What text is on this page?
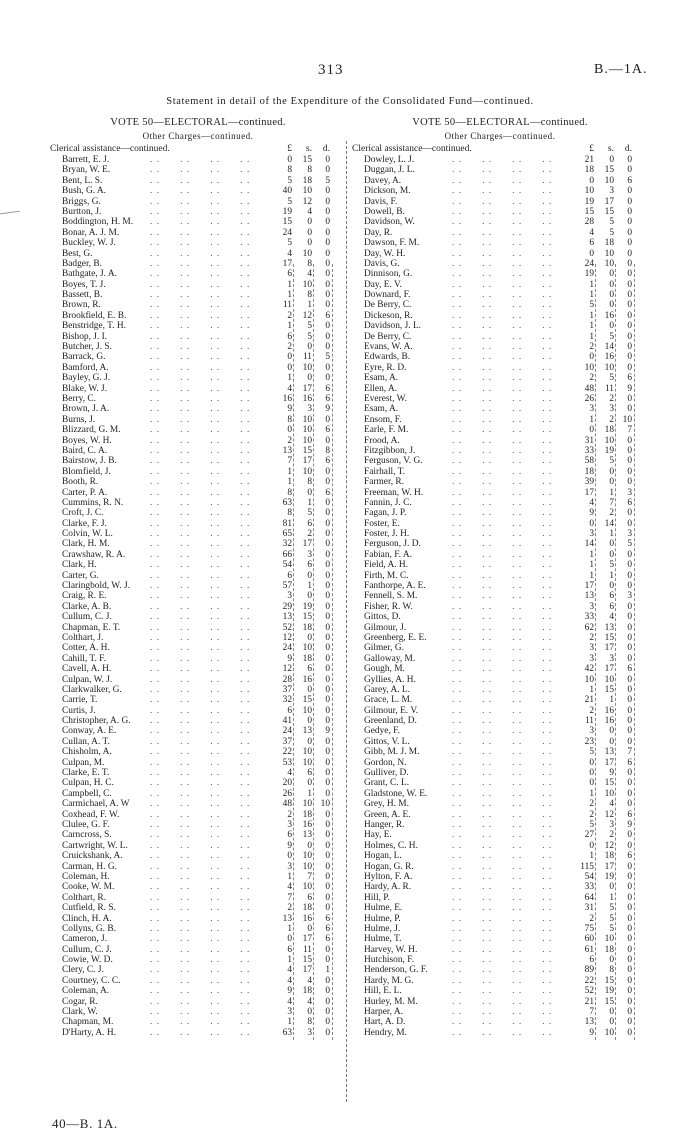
313	B.—1A.
Statement in detail of the Expenditure of the Consolidated Fund—continued.
VOTE 50—ELECTORAL—continued.
Other Charges—continued.
Clerical assistance—continued.	£	s.	d.
Barrett, E. J.	. .      . .      . .      . .	0	15	0
Bryan, W. E.	. .      . .      . .      . .	8	8	0
Bent, L. S.	. .      . .      . .      . .	5	18	5
Bush, G. A.	. .      . .      . .      . .	40	10	0
Briggs, G.	. .      . .      . .      . .	5	12	0
Burtton, J.	. .      . .      . .      . .	19	4	0
Boddington, H. M. . .      . .      . .      . .	15	0	0
Bonar, A. J. M.	. .      . .      . .      . .	24	0	0
Buckley, W. J.	. .      . .      . .      . .	5	0	0
Best, G.	. .      . .      . .      . .	4	10	0
Badger, B.	. .      . .      . .      . .	17	8	0
Bathgate, J. A.	. .      . .      . .      . .	6	4	0
Boyes, T. J.	. .      . .      . .      . .	1	10	0
Bassett, B.	. .      . .      . .      . .	1	8	0
Brown, R.	. .      . .      . .      . .	11	1	0
Brookfield, E. B.	. .      . .      . .      . .	2	12	6
Benstridge, T. H.	. .      . .      . .      . .	1	5	0
Bishop, J. I.	. .      . .      . .      . .	6	5	0
Butcher, J. S.	. .      . .      . .      . .	2	0	0
Barrack, G.	. .      . .      . .      . .	0	11	5
Bamford, A.	. .      . .      . .      . .	0	10	0
Bayley, G. J.	. .      . .      . .      . .	1	0	0
Blake, W. J.	. .      . .      . .      . .	4	17	6
Berry, C.	. .      . .      . .      . .	16	16	6
Brown, J. A.	. .      . .      . .      . .	9	3	9
Burns, J.	. .      . .      . .      . .	8	10	0
Blizzard, G. M.	. .      . .      . .      . .	0	10	6
Boyes, W. H.	. .      . .      . .      . .	2	10	0
Baird, C. A.	. .      . .      . .      . .	13	15	8
Bairstow, J. B.	. .      . .      . .      . .	7	17	6
Blomfield, J.	. .      . .      . .      . .	1	10	0
Booth, R.	. .      . .      . .      . .	1	8	0
Carter, P. A.	. .      . .      . .      . .	8	0	6
Cummins, R. N.	. .      . .      . .      . .	63	1	0
Croft, J. C.	. .      . .      . .      . .	8	5	0
Clarke, F. J.	. .      . .      . .      . .	81	6	0
Colvin, W. L.	. .      . .      . .      . .	65	2	0
Clark, H. M.	. .      . .      . .      . .	32	17	0
Crawshaw, R. A.	. .      . .      . .      . .	66	3	0
Clark, H.	. .      . .      . .      . .	54	6	0
Carter, G.	. .      . .      . .      . .	6	0	0
Claringbold, W. J. . .      . .      . .      . .	57	1	0
Craig, R. E.	. .      . .      . .      . .	3	0	0
Clarke, A. B.	. .      . .      . .      . .	29	19	0
Cullum, C. J.	. .      . .      . .      . .	13	15	0
Chapman, E. T.	. .      . .      . .      . .	52	18	0
Colthart, J.	. .      . .      . .      . .	12	0	0
Cotter, A. H.	. .      . .      . .      . .	24	10	0
Cahill, T. F.	. .      . .      . .      . .	9	18	0
Cavell, A. H.	. .      . .      . .      . .	12	6	0
Culpan, W. J.	. .      . .      . .      . .	28	16	0
Clarkwalker, G.	. .      . .      . .      . .	37	0	0
Carrie, T.	. .      . .      . .      . .	32	15	0
Curtis, J.	. .      . .      . .      . .	6	10	0
Christopher, A. G. . .      . .      . .      . .	41	0	0
Conway, A. E.	. .      . .      . .      . .	24	13	9
Cullan, A. T.	. .      . .      . .      . .	37	0	0
Chisholm, A.	. .      . .      . .      . .	22	10	0
Culpan, M.	. .      . .      . .      . .	53	10	0
Clarke, E. T.	. .      . .      . .      . .	4	6	0
Culpan, H. C.	. .      . .      . .      . .	20	0	0
Campbell, C.	. .      . .      . .      . .	26	1	0
Carmichael, A. W . .      . .      . .      . .	48	10 10
Coxhead, F. W.	. .      . .      . .      . .	2	18	0
Clulee, G. F.	. .      . .      . .      . .	3	16	0
Carncross, S.	. .      . .      . .      . .	6	13	0
Cartwright, W. L. . .      . .      . .      . .	9	0	0
Cruickshank, A.	. .      . .      . .      . .	0	10	0
Carman, H. G.	. .      . .      . .      . .	3	10	0
Coleman, H.	. .      . .      . .      . .	1	7	0
Cooke, W. M.	. .      . .      . .      . .	4	10	0
Colthart, R.	. .      . .      . .      . .	7	6	0
Cutfield, R. S.	. .      . .      . .      . .	2	18	0
Clinch, H. A.	. .      . .      . .      . .	13	16	6
Collyns, G. B.	. .      . .      . .      . .	1	0	6
Cameron, J.	. .      . .      . .      . .	0	17	6
Cullum, C. J.	. .      . .      . .      . .	6	11	0
Cowie, W. D.	. .      . .      . .      . .	1	15	0
Clery, C. J.	. .      . .      . .      . .	4	17	1
Courtney, C. C.	. .      . .      . .      . .	4	4	0
Coleman, A.	. .      . .      . .      . .	9	18	0
Cogar, R.	. .      . .      . .      . .	4	4	0
Clark, W.	. .      . .      . .      . .	3	0	0
Chapman, M.	. .      . .      . .      . .	1	8	0
D'Harty, A. H.	. .      . .      . .      . .	63	3	0
VOTE 50—ELECTORAL—continued.
Other Charges—continued.
Clerical assistance—continued.	£	s.	d.
Dowley, L. J.	. .      . .      . .      . .	21	0	0
Duggan, J. L.	. .      . .      . .      . .	18	15	0
Davey, A.	. .      . .      . .      . .	0	10	6
Dickson, M.	. .      . .      . .      . .	10	3	0
Davis, F.	. .      . .      . .      . .	19	17	0
Dowell, B.	. .      . .      . .      . .	15	15	0
Davidson, W.	. .      . .      . .      . .	28	5	0
Day, R.	. .      . .      . .      . .	4	5	0
Dawson, F. M.	. .      . .      . .      . .	6	18	0
Day, W. H.	. .      . .      . .      . .	0	10	0
Davis, G.	. .      . .      . .      . .	24	10	0
Dinnison, G.	. .      . .      . .      . .	19	0	0
Day, E. V.	. .      . .      . .      . .	1	0	0
Downard, F.	. .      . .      . .      . .	1	0	0
De Berry, C.	. .      . .      . .      . .	5	0	0
Dickeson, R.	. .      . .      . .      . .	1	16	0
Davidson, J. L.	. .      . .      . .      . .	1	0	0
De Berry, C.	. .      . .      . .      . .	1	5	0
Evans, W. A.	. .      . .      . .      . .	2	14	0
Edwards, B.	. .      . .      . .      . .	0	16	0
Eyre, R. D.	. .      . .      . .      . .	10	10	0
Esam, A.	. .      . .      . .      . .	2	5	6
Ellen, A.	. .      . .      . .      . .	48	11	9
Everest, W.	. .      . .      . .      . .	26	2	0
Esam, A.	. .      . .      . .      . .	3	3	0
Ensom, F.	. .      . .      . .      . .	1	2 10
Earle, F. M.	. .      . .      . .      . .	0	18	7
Frood, A.	. .      . .      . .      . .	31	10	0
Fitzgibbon, J.	. .      . .      . .      . .	33	19	0
Ferguson, V. G.	. .      . .      . .      . .	58	5	0
Fairhall, T.	. .      . .      . .      . .	18	0	0
Farmer, R.	. .      . .      . .      . .	39	0	0
Freeman, W. H.	. .      . .      . .      . .	17	1	3
Fannin, J. C.	. .      . .      . .      . .	4	7	6
Fagan, J. P.	. .      . .      . .      . .	9	2	0
Foster, E.	. .      . .      . .      . .	0	14	0
Foster, J. H.	. .      . .      . .      . .	3	1	3
Ferguson, J. D.	. .      . .      . .      . .	14	0	5
Fabian, F. A.	. .      . .      . .      . .	1	0	0
Field, A. H.	. .      . .      . .      . .	1	5	0
Firth, M. C.	. .      . .      . .      . .	1	1	0
Fanthorpe, A. E.	. .      . .      . .      . .	17	0	0
Fennell, S. M.	. .      . .      . .      . .	13	6	3
Fisher, R. W.	. .      . .      . .      . .	3	6	0
Gittos, D.	. .      . .      . .      . .	33	4	0
Gilmour, J.	. .      . .      . .      . .	62	13	0
Greenberg, E. E.	. .      . .      . .      . .	2	15	0
Gilmer, G.	. .      . .      . .      . .	3	17	0
Galloway, M.	. .      . .      . .      . .	3	3	0
Gough, M.	. .      . .      . .      . .	42	17	6
Gyllies, A. H.	. .      . .      . .      . .	10	10	0
Garey, A. L.	. .      . .      . .      . .	1	15	0
Grace, L. M.	. .      . .      . .      . .	21	1	0
Gilmour, E. V.	. .      . .      . .      . .	2	16	0
Greenland, D.	. .      . .      . .      . .	11	16	0
Gedye, F.	. .      . .      . .      . .	3	0	0
Gittos, V. L.	. .      . .      . .      . .	23	0	0
Gibb, M. J. M.	. .      . .      . .      . .	5	13	7
Gordon, N.	. .      . .      . .      . .	0	17	6
Gulliver, D.	. .      . .      . .      . .	0	9	0
Grant, C. L.	. .      . .      . .      . .	0	15	0
Gladstone, W. E.	. .      . .      . .      . .	1	10	0
Grey, H. M.	. .      . .      . .      . .	2	4	0
Green, A. E.	. .      . .      . .      . .	2	12	6
Hanger, R.	. .      . .      . .      . .	5	3	9
Hay, E.	. .      . .      . .      . .	27	2	0
Holmes, C. H.	. .      . .      . .      . .	0	12	0
Hogan, L.	. .      . .      . .      . .	1	18	6
Hogan, G. R.	. .      . .      . .      . .	115	17	0
Hylton, F. A.	. .      . .      . .      . .	54	19	0
Hardy, A. R.	. .      . .      . .      . .	33	0	0
Hill, P.	. .      . .      . .      . .	64	1	0
Hulme, E.	. .      . .      . .      . .	31	5	0
Hulme, P.	. .      . .      . .      . .	2	5	0
Hulme, J.	. .      . .      . .      . .	75	5	0
Hulme, T.	. .      . .      . .      . .	60	10	0
Harvey, W. H.	. .      . .      . .      . .	61	18	0
Hutchison, F.	. .      . .      . .      . .	6	0	0
Henderson, G. F.	. .      . .      . .      . .	89	8	0
Hardy, M. G.	. .      . .      . .      . .	22	15	0
Hill, E. L.	. .      . .      . .      . .	52	19	0
Hurley, M. M.	. .      . .      . .      . .	21	15	0
Harper, A.	. .      . .      . .      . .	7	0	0
Hart, A. D.	. .      . .      . .      . .	13	0	0
Hendry, M.	. .      . .      . .      . .	9	10	0
40—B. 1A.
